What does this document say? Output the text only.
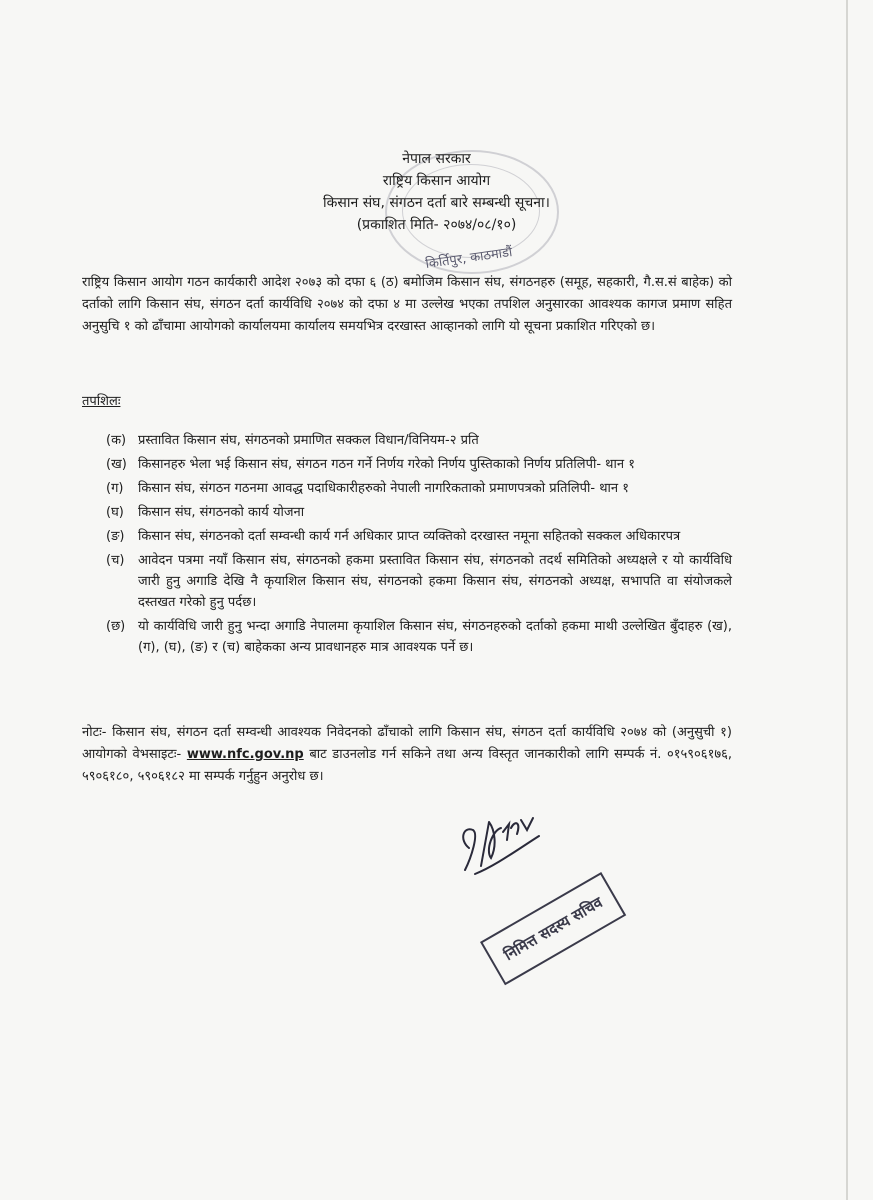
किर्तिपुर, काठमाडौं
नेपाल सरकार
राष्ट्रिय किसान आयोग
किसान संघ, संगठन दर्ता बारे सम्बन्धी सूचना।
(प्रकाशित मिति- २०७४/०८/१०)
राष्ट्रिय किसान आयोग गठन कार्यकारी आदेश २०७३ को दफा ६ (ठ) बमोजिम किसान संघ, संगठनहरु (समूह, सहकारी, गै.स.सं बाहेक) को दर्ताको लागि किसान संघ, संगठन दर्ता कार्यविधि २०७४ को दफा ४ मा उल्लेख भएका तपशिल अनुसारका आवश्यक कागज प्रमाण सहित अनुसुचि १ को ढाँचामा आयोगको कार्यालयमा कार्यालय समयभित्र दरखास्त आव्हानको लागि यो सूचना प्रकाशित गरिएको छ।
तपशिलः
(क) प्रस्तावित किसान संघ, संगठनको प्रमाणित सक्कल विधान/विनियम-२ प्रति
(ख) किसानहरु भेला भई किसान संघ, संगठन गठन गर्ने निर्णय गरेको निर्णय पुस्तिकाको निर्णय प्रतिलिपी- थान १
(ग)	किसान संघ, संगठन गठनमा आवद्ध पदाधिकारीहरुको नेपाली नागरिकताको प्रमाणपत्रको प्रतिलिपी- थान १
(घ)	किसान संघ, संगठनको कार्य योजना
(ङ)	किसान संघ, संगठनको दर्ता सम्वन्धी कार्य गर्न अधिकार प्राप्त व्यक्तिको दरखास्त नमूना सहितको सक्कल अधिकारपत्र
(च)	आवेदन पत्रमा नयाँ किसान संघ, संगठनको हकमा प्रस्तावित किसान संघ, संगठनको तदर्थ समितिको अध्यक्षले र यो कार्यविधि जारी हुनु अगाडि देखि नै कृयाशिल किसान संघ, संगठनको हकमा किसान संघ, संगठनको अध्यक्ष, सभापति वा संयोजकले दस्तखत गरेको हुनु पर्दछ।
(छ) यो कार्यविधि जारी हुनु भन्दा अगाडि नेपालमा कृयाशिल किसान संघ, संगठनहरुको दर्ताको हकमा माथी उल्लेखित बुँदाहरु (ख), (ग), (घ), (ङ) र (च) बाहेकका अन्य प्रावधानहरु मात्र आवश्यक पर्ने छ।
नोटः- किसान संघ, संगठन दर्ता सम्वन्धी आवश्यक निवेदनको ढाँचाको लागि किसान संघ, संगठन दर्ता कार्यविधि २०७४ को (अनुसुची १) आयोगको वेभसाइटः- www.nfc.gov.np बाट डाउनलोड गर्न सकिने तथा अन्य विस्तृत जानकारीको लागि सम्पर्क नं. ०१५९०६१७६, ५९०६१८०, ५९०६१८२ मा सम्पर्क गर्नुहुन अनुरोध छ।
निमित्त सदस्य सचिव
